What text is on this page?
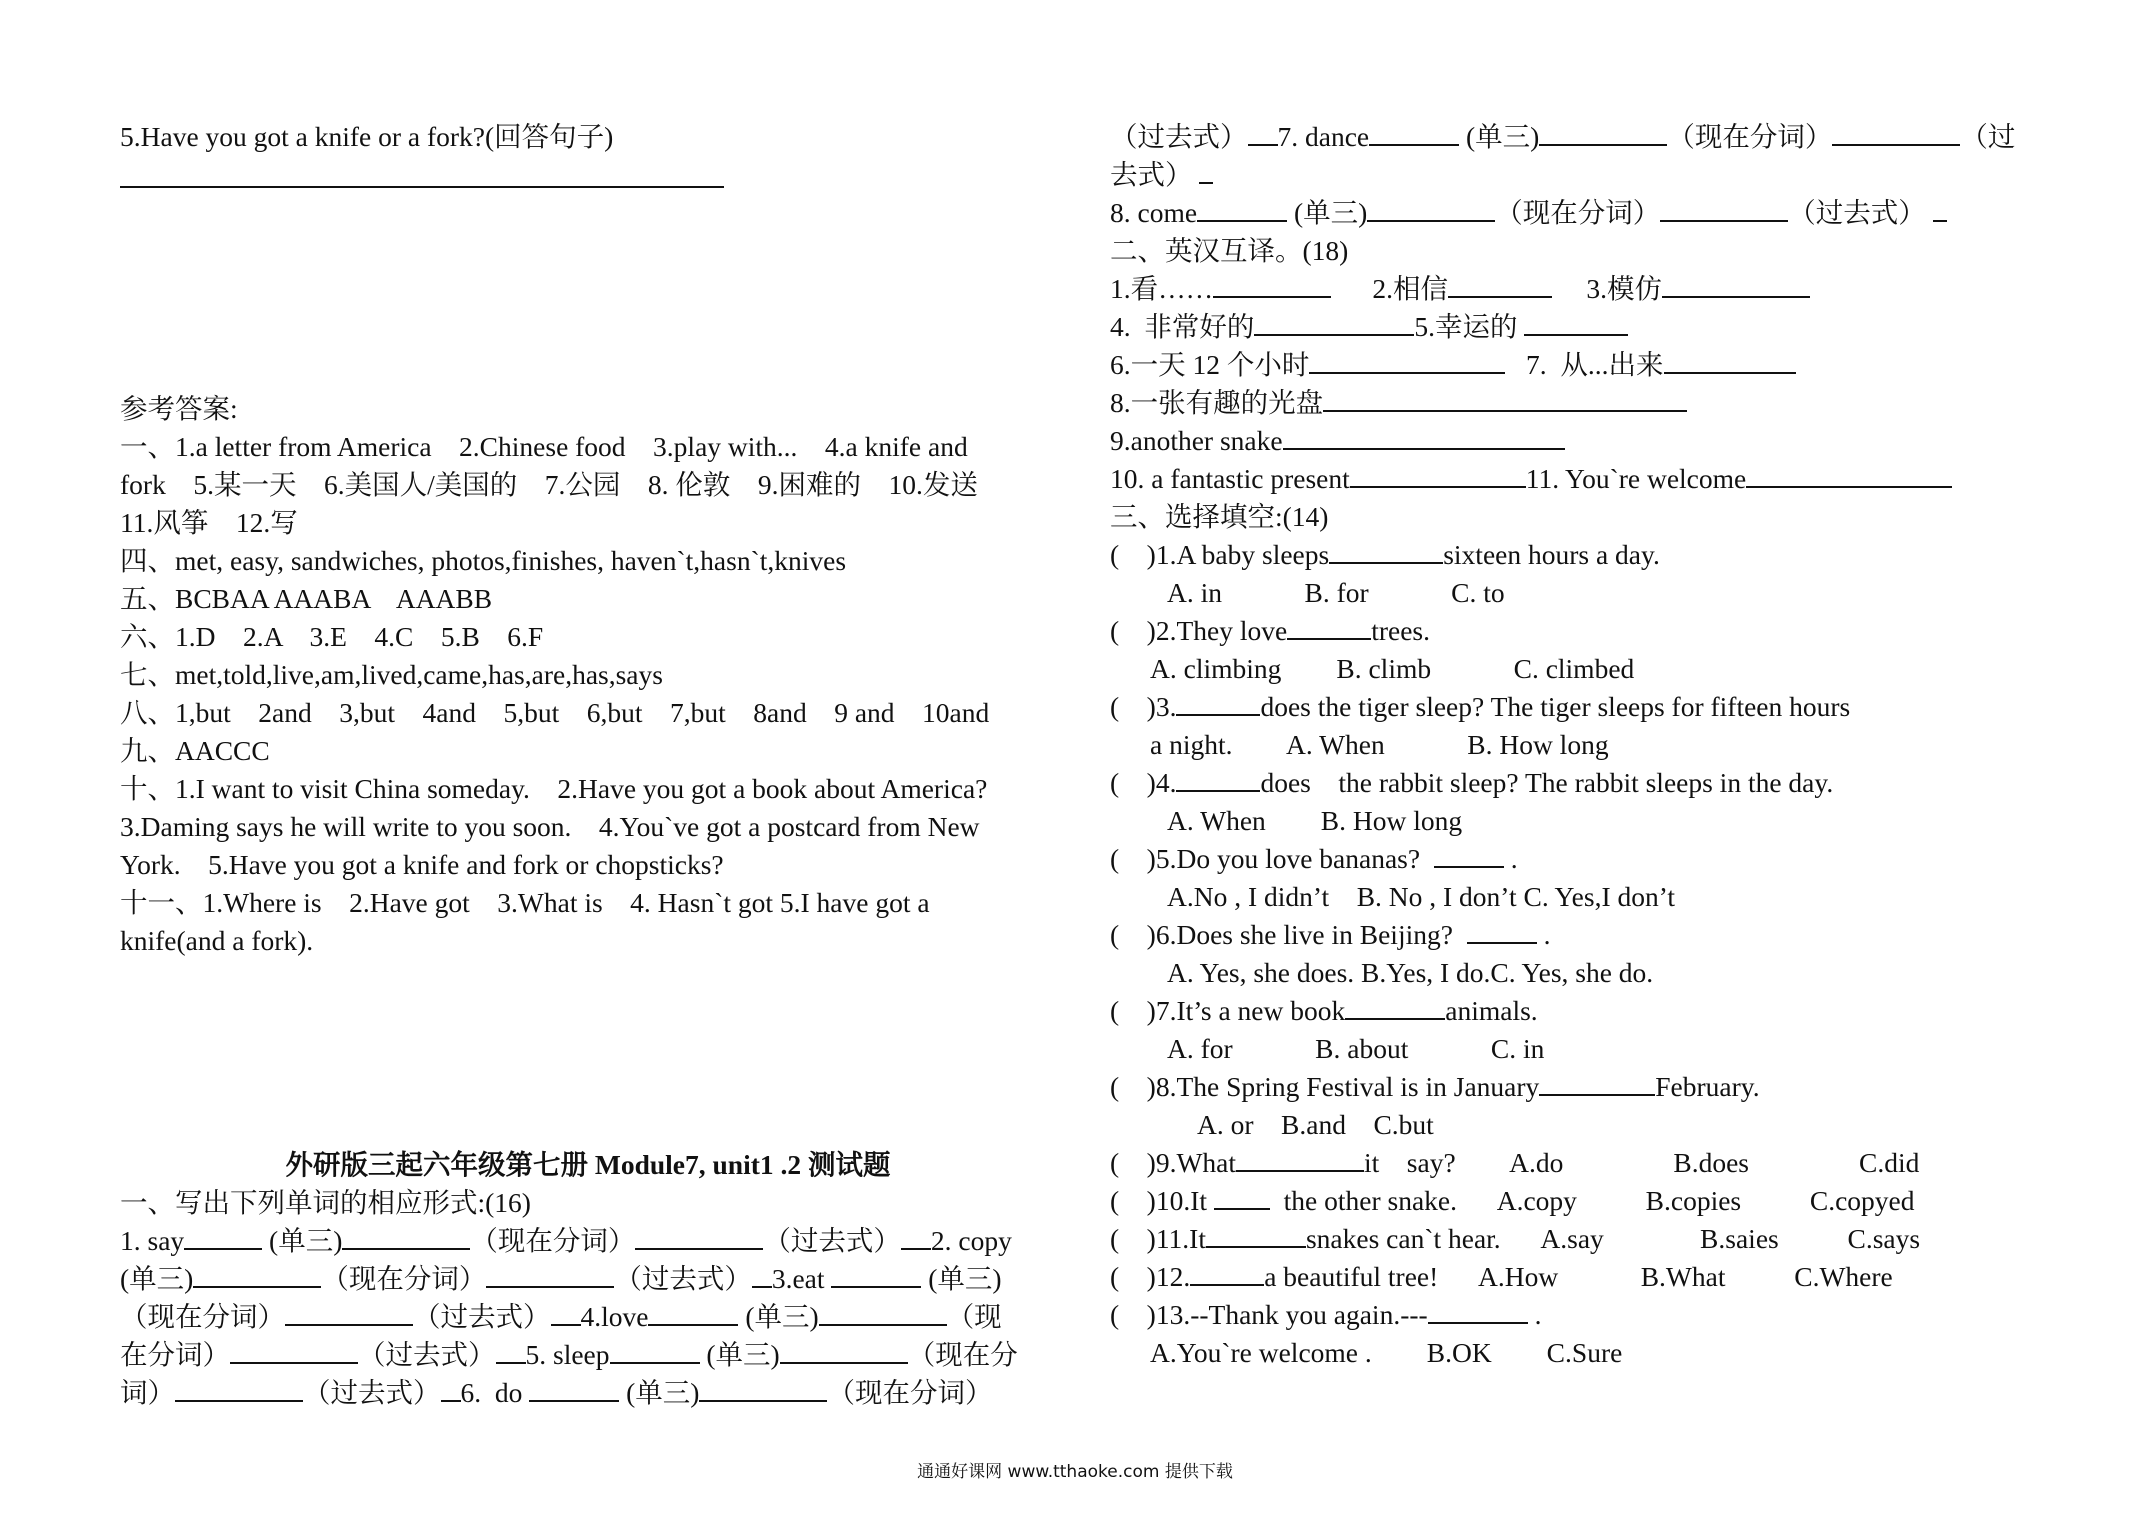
5.Have you got a knife or a fork?(回答句子)
参考答案:
一、1.a letter from America    2.Chinese food    3.play with...    4.a knife and
fork    5.某一天    6.美国人/美国的    7.公园    8. 伦敦    9.困难的    10.发送
11.风筝    12.写
四、met, easy, sandwiches, photos,finishes, haven`t,hasn`t,knives
五、BCBAA AAABA    AAABB
六、1.D    2.A    3.E    4.C    5.B    6.F
七、met,told,live,am,lived,came,has,are,has,says
八、1,but    2and    3,but    4and    5,but    6,but    7,but    8and    9 and    10and
九、AACCC
十、1.I want to visit China someday.    2.Have you got a book about America?
3.Daming says he will write to you soon.    4.You`ve got a postcard from New
York.    5.Have you got a knife and fork or chopsticks?
十一、1.Where is    2.Have got    3.What is    4. Hasn`t got 5.I have got a
knife(and a fork).
外研版三起六年级第七册 Module7, unit1 .2 测试题
一、写出下列单词的相应形式:(16)
1. say	(单三)	（现在分词）	（过去式） 2. copy
(单三)	（现在分词）	（过去式） 3.eat	(单三)
（现在分词）	（过去式） 4.love	(单三)	（现
在分词）	（过去式） 5. sleep	(单三)	（现在分
词）	（过去式） 6.  do	(单三)	（现在分词）
（过去式） 7. dance	(单三)	（现在分词）	（过
去式）
8. come	(单三)	（现在分词）	（过去式）
二、英汉互译。(18)
1.看……	2.相信	3.模仿
4.  非常好的	5.幸运的
6.一天 12 个小时	7.  从...出来
8.一张有趣的光盘
9.another snake
10. a fantastic present	11. You`re welcome
三、选择填空:(14)
( )1.A baby sleeps	sixteen hours a day.
A. in            B. for            C. to
( )2.They love	trees.
A. climbing        B. climb            C. climbed
( )3.	does the tiger sleep? The tiger sleeps for fifteen hours
a night.        A. When            B. How long
( )4.	does    the rabbit sleep? The rabbit sleeps in the day.
A. When        B. How long
( )5.Do you love bananas?	.
A.No , I didn’t    B. No , I don’t C. Yes,I don’t
( )6.Does she live in Beijing?	.
A. Yes, she does. B.Yes, I do.C. Yes, she do.
( )7.It’s a new book	animals.
A. for            B. about            C. in
( )8.The Spring Festival is in January	February.
A. or    B.and    C.but
( )9.What	it    say?        A.do                B.does                C.did
( )10.It   the other snake.      A.copy          B.copies          C.copyed
( )11.It	snakes can`t hear.      A.say              B.saies          C.says
( )12.	a beautiful tree!      A.How            B.What          C.Where
( )13.--Thank you again.---	.
A.You`re welcome .        B.OK        C.Sure
通通好课网 www.tthaoke.com 提供下载
